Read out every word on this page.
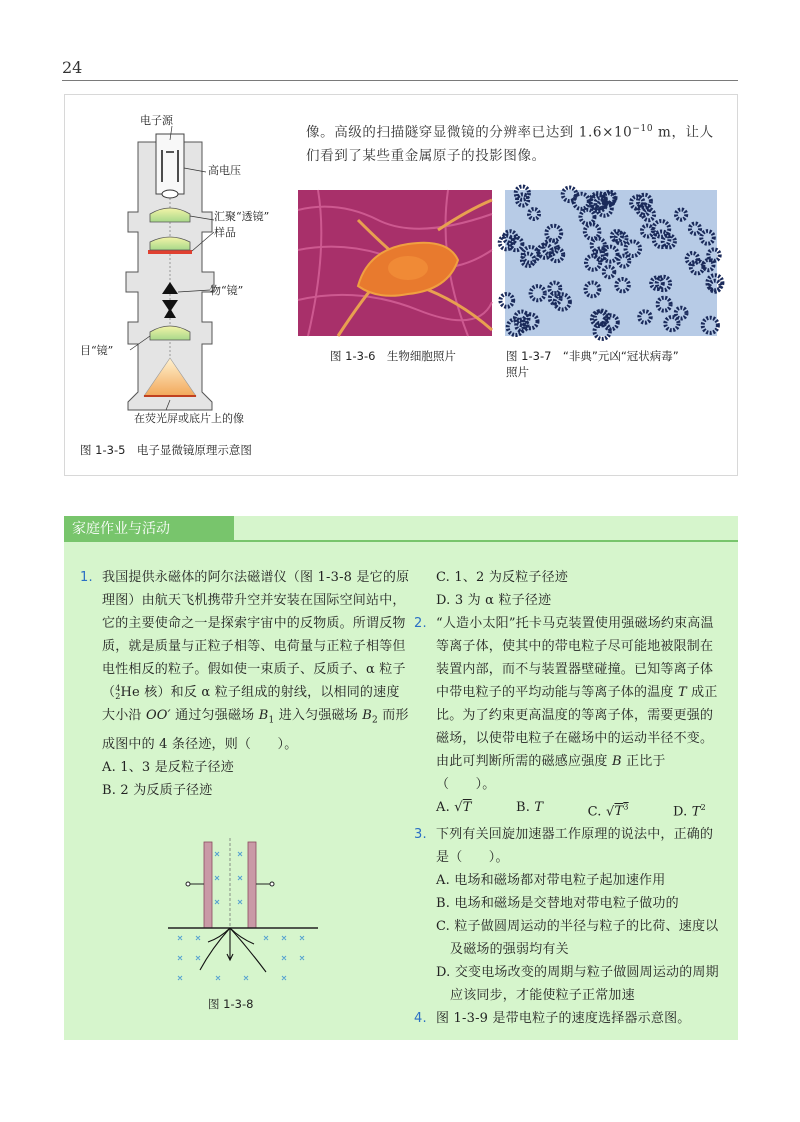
24
电子源
高电压
汇聚“透镜”
样品
物“镜”
目“镜”
在荧光屏或底片上的像
图 1-3-5　电子显微镜原理示意图
像。高级的扫描隧穿显微镜的分辨率已达到 $1.6\times 10^{-10}$ m，让人们看到了某些重金属原子的投影图像。
图 1-3-6　生物细胞照片	图 1-3-7　“非典”元凶“冠状病毒”
照片
家庭作业与活动
1. 我国提供永磁体的阿尔法磁谱仪（图 1-3-8 是它的原理图）由航天飞机携带升空并安装在国际空间站中，它的主要使命之一是探索宇宙中的反物质。所谓反物质，就是质量与正粒子相等、电荷量与正粒子相等但电性相反的粒子。假如使一束质子、反质子、α 粒子（ 4
2 He 核）和反 α 粒子组成的射线，以相同的速度大小沿 OO′ 通过匀强磁场 $B_1$ 进入匀强磁场 $B_2$ 而形成图中的 4 条径迹，则（　　）。
A. 1、3 是反粒子径迹
B. 2 为反质子径迹
图 1-3-8
C. 1、2 为反粒子径迹
D. 3 为 α 粒子径迹
2. “人造小太阳”托卡马克装置使用强磁场约束高温等离子体，使其中的带电粒子尽可能地被限制在装置内部，而不与装置器壁碰撞。已知等离子体中带电粒子的平均动能与等离子体的温度 T 成正比。为了约束更高温度的等离子体，需要更强的磁场，以使带电粒子在磁场中的运动半径不变。由此可判断所需的磁感应强度 B 正比于（　　）。
A. √T	B. T	C. $√T^3$	D. $T^2$
3. 下列有关回旋加速器工作原理的说法中，正确的是（　　）。
A. 电场和磁场都对带电粒子起加速作用
B. 电场和磁场是交替地对带电粒子做功的
C. 粒子做圆周运动的半径与粒子的比荷、速度以及磁场的强弱均有关
D. 交变电场改变的周期与粒子做圆周运动的周期应该同步，才能使粒子正常加速
4. 图 1-3-9 是带电粒子的速度选择器示意图。
